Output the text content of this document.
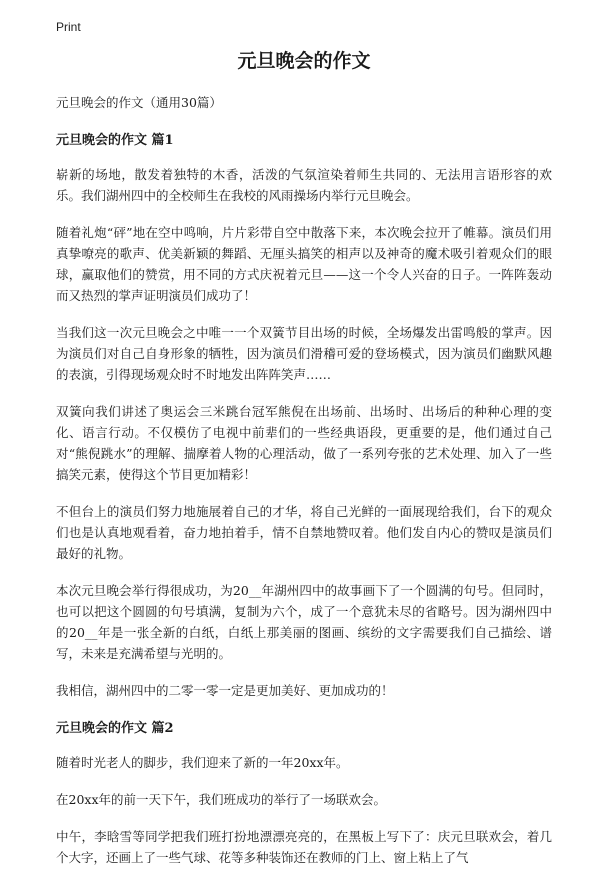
Print
元旦晚会的作文

元旦晚会的作文（通用30篇）

元旦晚会的作文 篇1

崭新的场地，散发着独特的木香，活泼的气氛渲染着师生共同的、无法用言语形容的欢乐。我们湖州四中的全校师生在我校的风雨操场内举行元旦晚会。

随着礼炮“砰”地在空中鸣响，片片彩带自空中散落下来，本次晚会拉开了帷幕。演员们用真挚嘹亮的歌声、优美新颖的舞蹈、无厘头搞笑的相声以及神奇的魔术吸引着观众们的眼球，赢取他们的赞赏，用不同的方式庆祝着元旦——这一个令人兴奋的日子。一阵阵轰动而又热烈的掌声证明演员们成功了！

当我们这一次元旦晚会之中唯一一个双簧节目出场的时候，全场爆发出雷鸣般的掌声。因为演员们对自己自身形象的牺牲，因为演员们滑稽可爱的登场模式，因为演员们幽默风趣的表演，引得现场观众时不时地发出阵阵笑声……

双簧向我们讲述了奥运会三米跳台冠军熊倪在出场前、出场时、出场后的种种心理的变化、语言行动。不仅模仿了电视中前辈们的一些经典语段，更重要的是，他们通过自己对“熊倪跳水”的理解、揣摩着人物的心理活动，做了一系列夸张的艺术处理、加入了一些搞笑元素，使得这个节目更加精彩！

不但台上的演员们努力地施展着自己的才华，将自己光鲜的一面展现给我们，台下的观众们也是认真地观看着，奋力地拍着手，情不自禁地赞叹着。他们发自内心的赞叹是演员们最好的礼物。

本次元旦晚会举行得很成功，为20__年湖州四中的故事画下了一个圆满的句号。但同时，也可以把这个圆圆的句号填满，复制为六个，成了一个意犹未尽的省略号。因为湖州四中的20__年是一张全新的白纸，白纸上那美丽的图画、缤纷的文字需要我们自己描绘、谱写，未来是充满希望与光明的。

我相信，湖州四中的二零一零一定是更加美好、更加成功的！

元旦晚会的作文 篇2

随着时光老人的脚步，我们迎来了新的一年20xx年。

在20xx年的前一天下午，我们班成功的举行了一场联欢会。

中午，李晗雪等同学把我们班打扮地漂漂亮亮的，在黑板上写下了：庆元旦联欢会，着几个大字，还画上了一些气球、花等多种装饰还在教师的门上、窗上粘上了气
